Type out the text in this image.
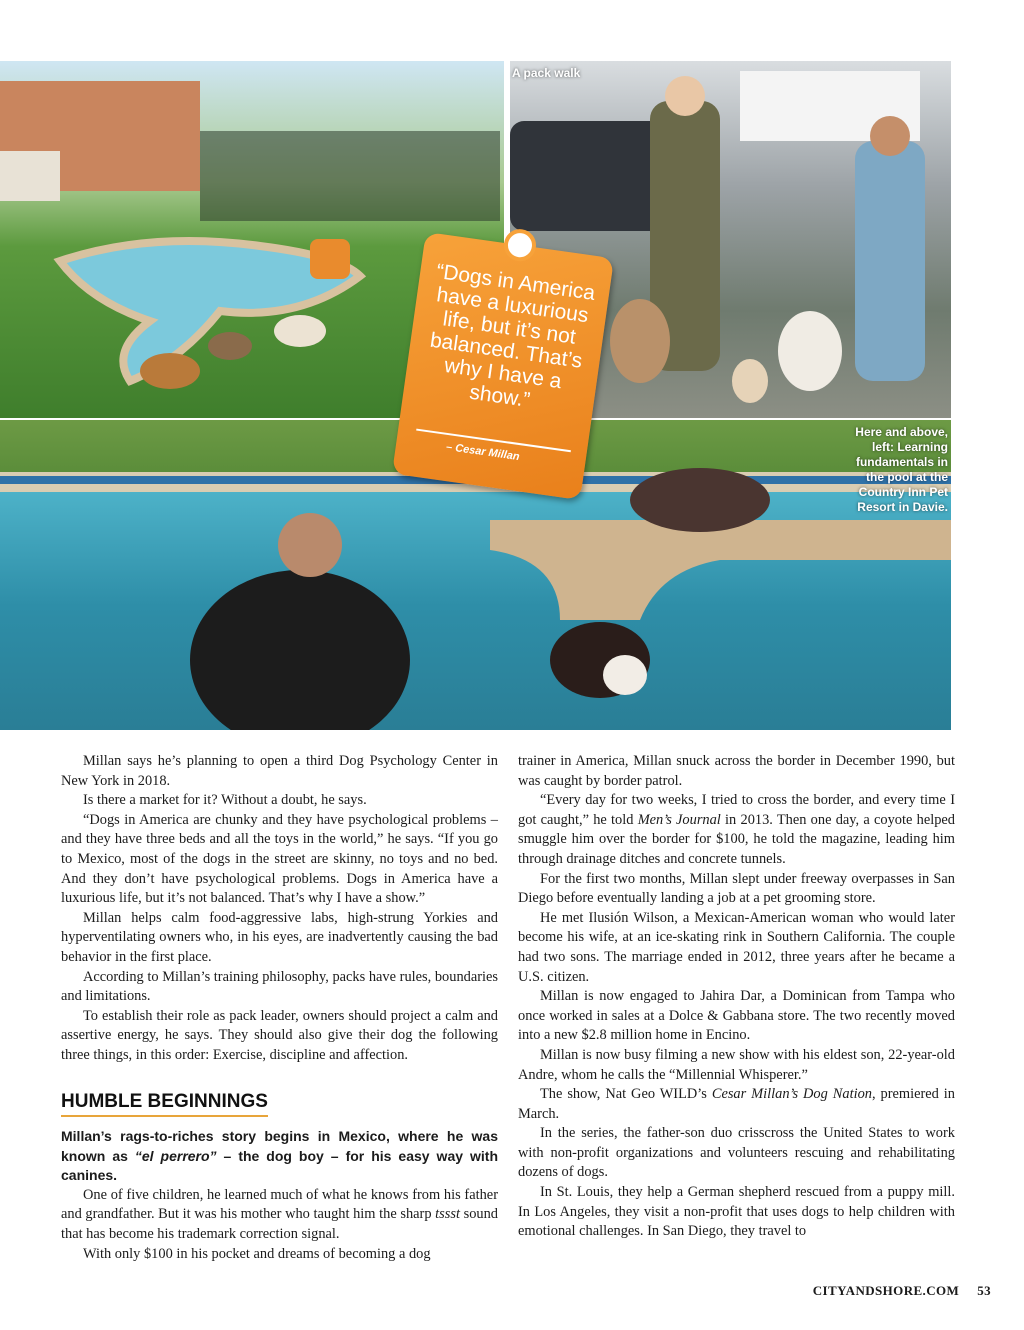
A pack walk
Here and above,
left: Learning
fundamentals in
the pool at the
Country Inn Pet
Resort in Davie.
“Dogs in America have a luxurious life, but it’s not balanced. That’s why I have a show.”
– Cesar Millan

Millan says he’s planning to open a third Dog Psychology Center in New York in 2018.

Is there a market for it? Without a doubt, he says.

“Dogs in America are chunky and they have psychological problems – and they have three beds and all the toys in the world,” he says. “If you go to Mexico, most of the dogs in the street are skinny, no toys and no bed. And they don’t have psychological problems. Dogs in America have a luxurious life, but it’s not balanced. That’s why I have a show.”

Millan helps calm food-aggressive labs, high-strung Yorkies and hyperventilating owners who, in his eyes, are inadvertently causing the bad behavior in the first place.

According to Millan’s training philosophy, packs have rules, boundaries and limitations.

To establish their role as pack leader, owners should project a calm and assertive energy, he says. They should also give their dog the following three things, in this order: Exercise, discipline and affection.

HUMBLE BEGINNINGS

Millan’s rags-to-riches story begins in Mexico, where he was known as “el perrero” – the dog boy – for his easy way with canines.

One of five children, he learned much of what he knows from his father and grandfather. But it was his mother who taught him the sharp tssst sound that has become his trademark correction signal.

With only $100 in his pocket and dreams of becoming a dog

trainer in America, Millan snuck across the border in December 1990, but was caught by border patrol.

“Every day for two weeks, I tried to cross the border, and every time I got caught,” he told Men’s Journal in 2013. Then one day, a coyote helped smuggle him over the border for $100, he told the magazine, leading him through drainage ditches and concrete tunnels.

For the first two months, Millan slept under freeway overpasses in San Diego before eventually landing a job at a pet grooming store.

He met Ilusión Wilson, a Mexican-American woman who would later become his wife, at an ice-skating rink in Southern California. The couple had two sons. The marriage ended in 2012, three years after he became a U.S. citizen.

Millan is now engaged to Jahira Dar, a Dominican from Tampa who once worked in sales at a Dolce & Gabbana store. The two recently moved into a new $2.8 million home in Encino.

Millan is now busy filming a new show with his eldest son, 22-year-old Andre, whom he calls the “Millennial Whisperer.”

The show, Nat Geo WILD’s Cesar Millan’s Dog Nation, premiered in March.

In the series, the father-son duo crisscross the United States to work with non-profit organizations and volunteers rescuing and rehabilitating dozens of dogs.

In St. Louis, they help a German shepherd rescued from a puppy mill. In Los Angeles, they visit a non-profit that uses dogs to help children with emotional challenges. In San Diego, they travel to

CITYANDSHORE.COM 53
